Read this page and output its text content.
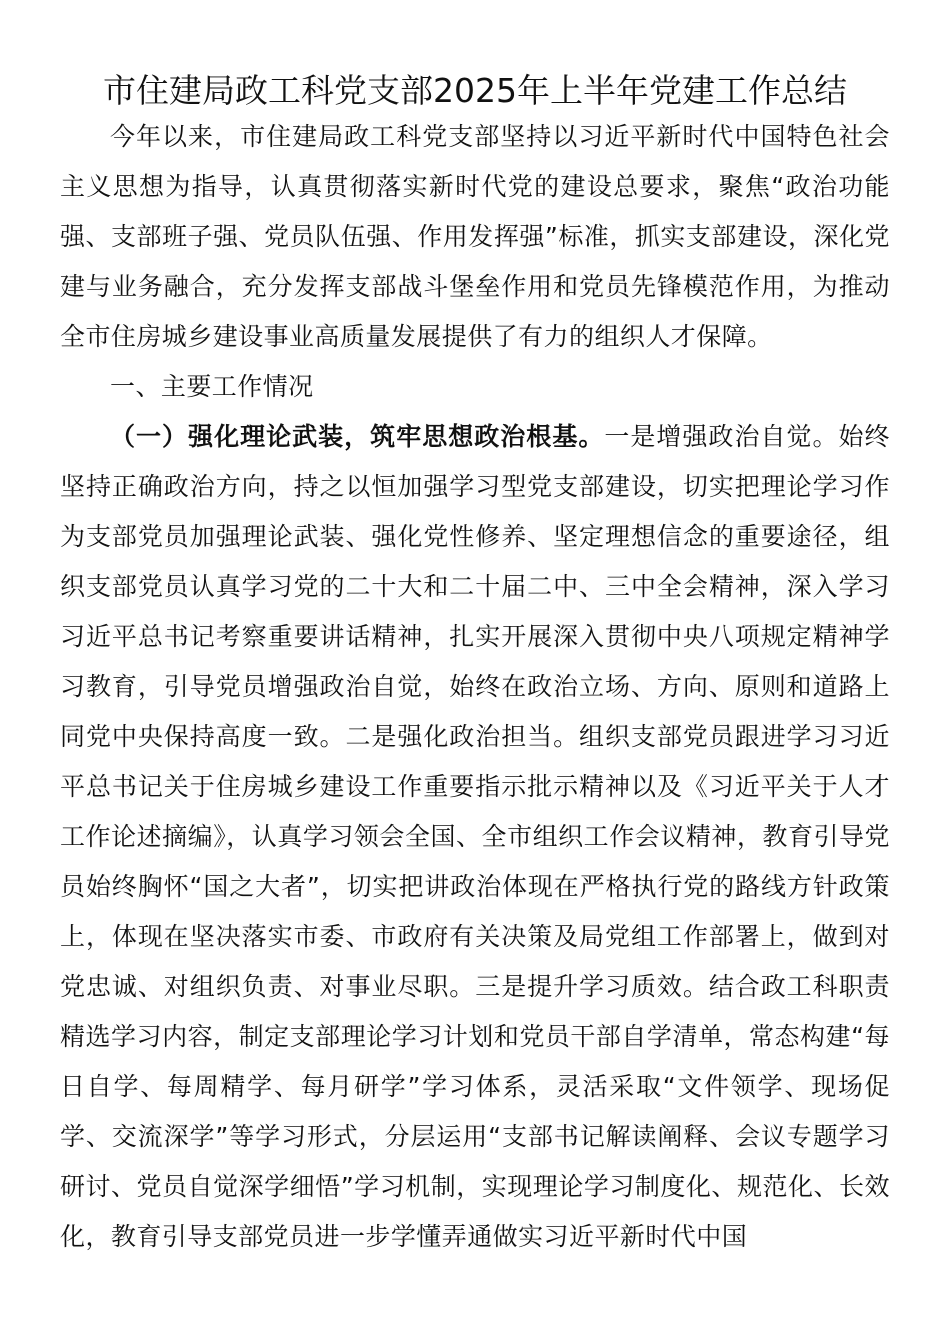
市住建局政工科党支部2025年上半年党建工作总结

今年以来，市住建局政工科党支部坚持以习近平新时代中国特色社会主义思想为指导，认真贯彻落实新时代党的建设总要求，聚焦“政治功能强、支部班子强、党员队伍强、作用发挥强”标准，抓实支部建设，深化党建与业务融合，充分发挥支部战斗堡垒作用和党员先锋模范作用，为推动全市住房城乡建设事业高质量发展提供了有力的组织人才保障。

一、主要工作情况

（一）强化理论武装，筑牢思想政治根基。一是增强政治自觉。始终坚持正确政治方向，持之以恒加强学习型党支部建设，切实把理论学习作为支部党员加强理论武装、强化党性修养、坚定理想信念的重要途径，组织支部党员认真学习党的二十大和二十届二中、三中全会精神，深入学习习近平总书记考察重要讲话精神，扎实开展深入贯彻中央八项规定精神学习教育，引导党员增强政治自觉，始终在政治立场、方向、原则和道路上同党中央保持高度一致。二是强化政治担当。组织支部党员跟进学习习近平总书记关于住房城乡建设工作重要指示批示精神以及《习近平关于人才工作论述摘编》，认真学习领会全国、全市组织工作会议精神，教育引导党员始终胸怀“国之大者”，切实把讲政治体现在严格执行党的路线方针政策上，体现在坚决落实市委、市政府有关决策及局党组工作部署上，做到对党忠诚、对组织负责、对事业尽职。三是提升学习质效。结合政工科职责精选学习内容，制定支部理论学习计划和党员干部自学清单，常态构建“每日自学、每周精学、每月研学”学习体系，灵活采取“文件领学、现场促学、交流深学”等学习形式，分层运用“支部书记解读阐释、会议专题学习研讨、党员自觉深学细悟”学习机制，实现理论学习制度化、规范化、长效化，教育引导支部党员进一步学懂弄通做实习近平新时代中国
